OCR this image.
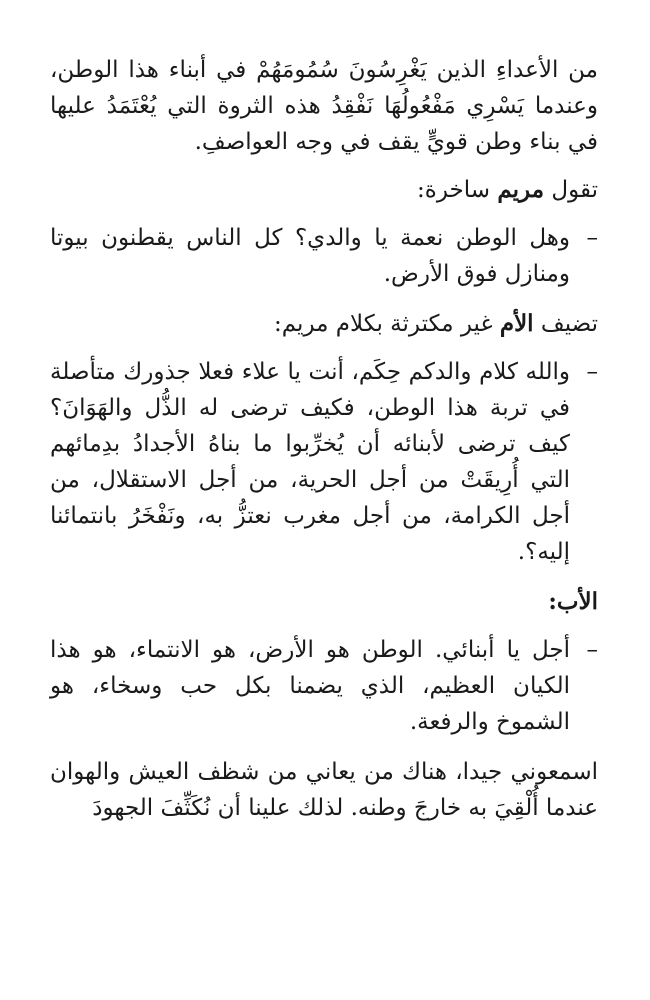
من الأعداءِ الذين يَغْرِسُونَ سُمُومَهُمْ في أبناء هذا الوطن، وعندما يَسْرِي مَفْعُولُهَا نَفْقِدُ هذه الثروة التي يُعْتَمَدُ عليها في بناء وطن قويٍّ يقف في وجه العواصفِ.

تقول مريم ساخرة:

–
وهل الوطن نعمة يا والدي؟ كل الناس يقطنون بيوتا ومنازل فوق الأرض.

تضيف الأم غير مكترثة بكلام مريم:

–
والله كلام والدكم حِكَم، أنت يا علاء فعلا جذورك متأصلة في تربة هذا الوطن، فكيف ترضى له الذُّل والهَوَانَ؟ كيف ترضى لأبنائه أن يُخرِّبوا ما بناهُ الأجدادُ بدِمائهم التي أُرِيقَتْ من أجل الحرية، من أجل الاستقلال، من أجل الكرامة، من أجل مغرب نعتزُّ به، ونَفْخَرُ بانتمائنا إليه؟.

الأب:

–
أجل يا أبنائي. الوطن هو الأرض، هو الانتماء، هو هذا الكيان العظيم، الذي يضمنا بكل حب وسخاء، هو الشموخ والرفعة.

اسمعوني جيدا، هناك من يعاني من شظف العيش والهوان عندما أُلْقِيَ به خارجَ وطنه. لذلك علينا أن نُكَثِّفَ الجهودَ
